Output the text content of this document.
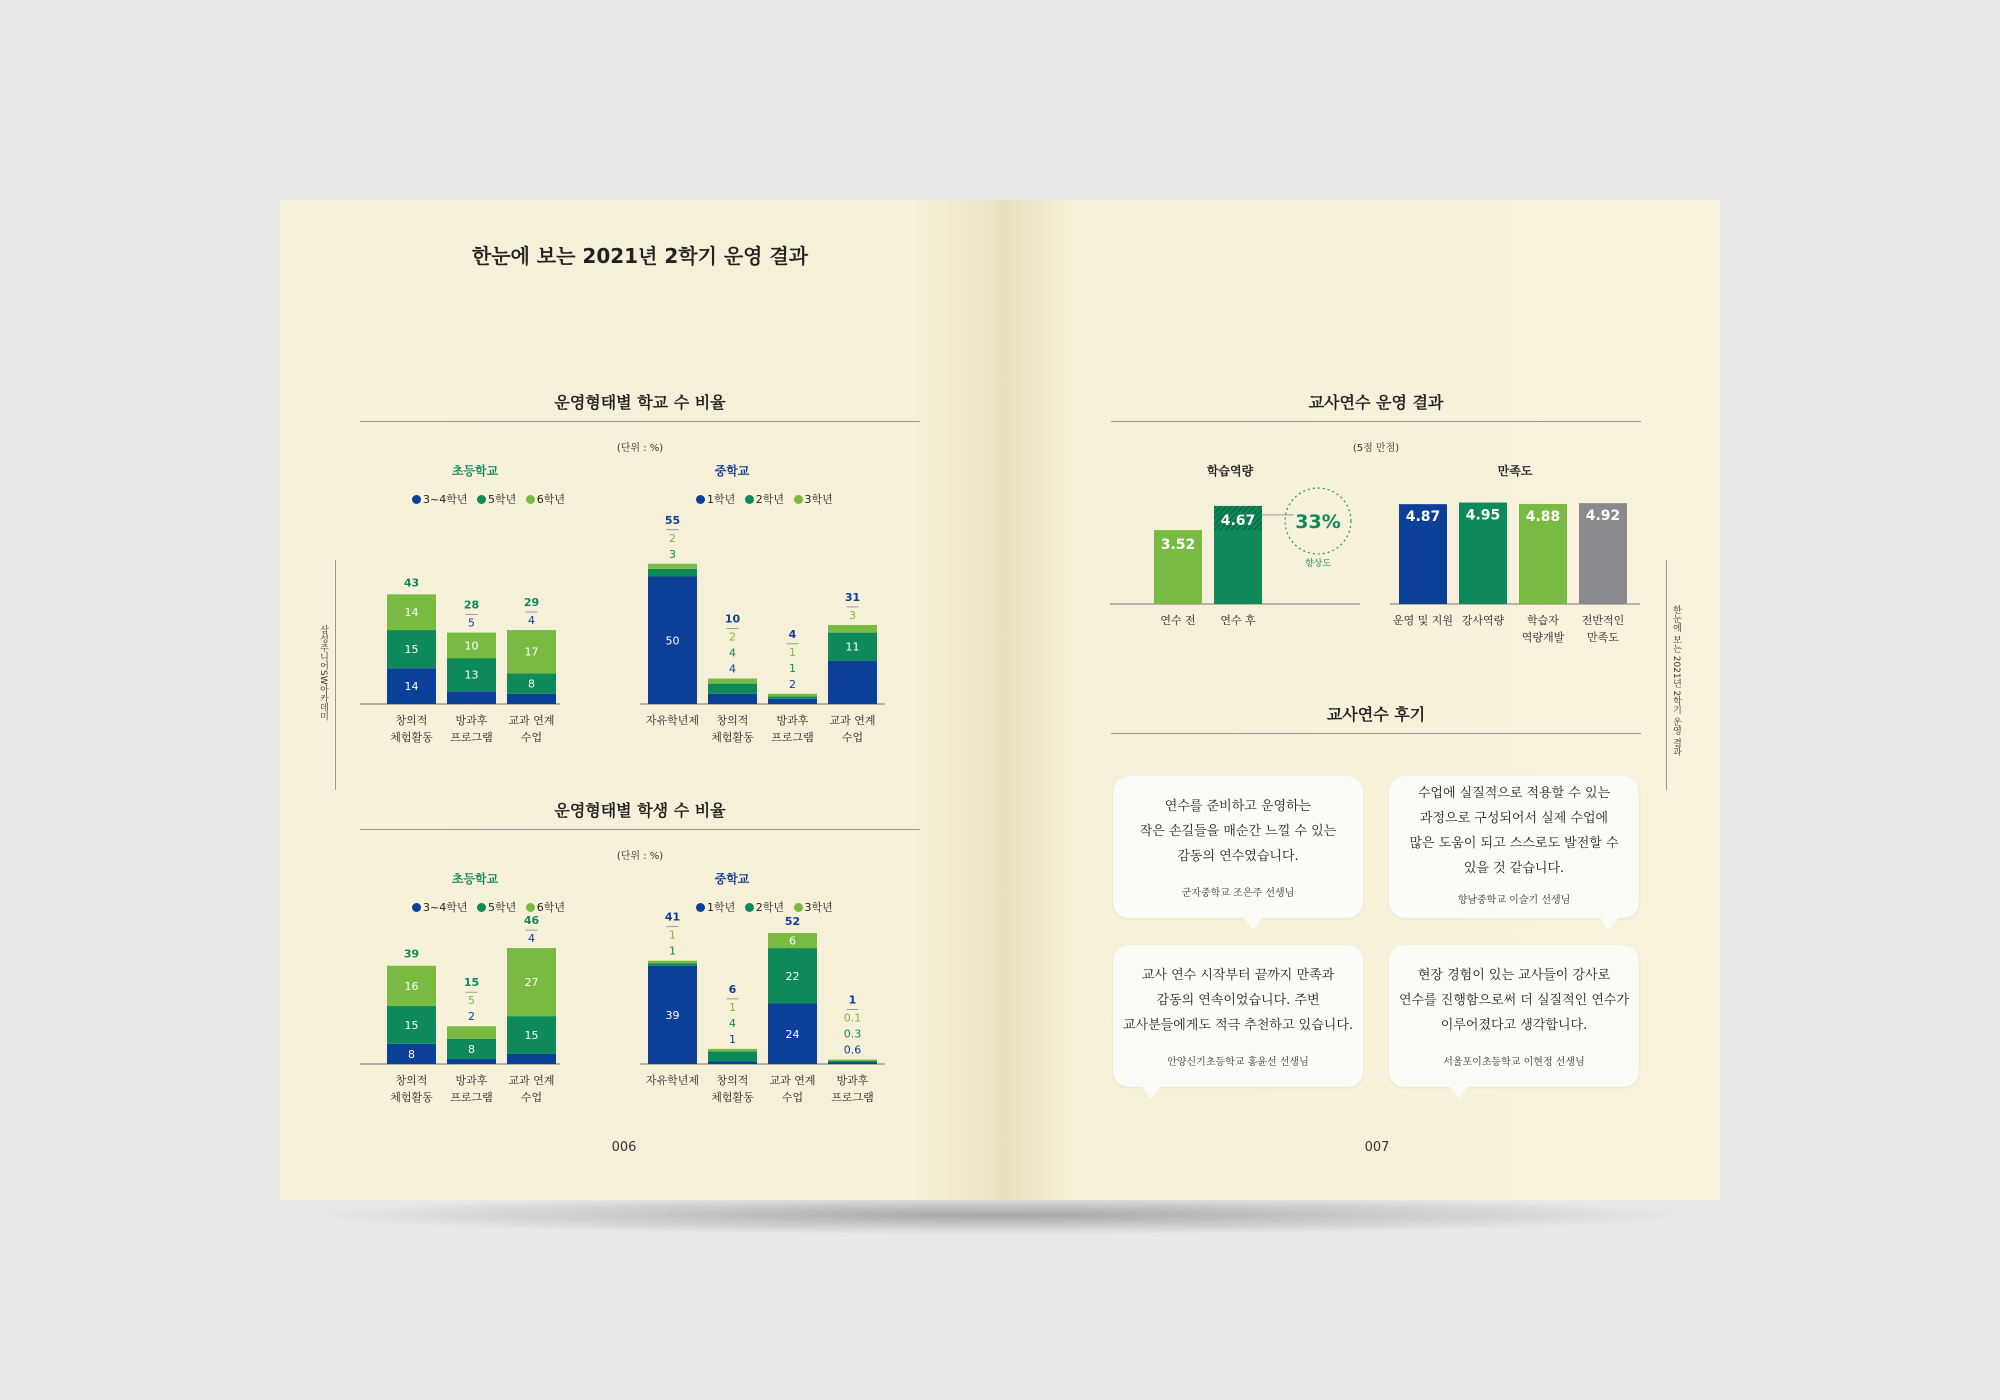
한눈에 보는 2021년 2학기 운영 결과
삼성주니어SW아카데미
운영형태별 학교 수 비율
(단위 : %)
초등학교	중학교
3~4학년 5학년 6학년	1학년 2학년 3학년
14
15
14
43
창의적
체험활동
5
13
10
28
방과후
프로그램
4
8
17
29
교과 연계
수업
50
3
2
55
자유학년제
4
4
2
10
창의적
체험활동
2
1
1
4
방과후
프로그램
11
3
31
교과 연계
수업
운영형태별 학생 수 비율
(단위 : %)
초등학교	중학교
3~4학년 5학년 6학년	1학년 2학년 3학년
8
15
16
39
창의적
체험활동
2
8
5
15
방과후
프로그램
4
15
27
46
교과 연계
수업
39
1
1
41
자유학년제
1
4
1
6
창의적
체험활동
24
22
6
52
교과 연계
수업
0.6
0.3
0.1
1
방과후
프로그램
006
한눈에 보는 2021년 2학기 운영 결과
교사연수 운영 결과
(5점 만점)
학습역량	만족도
3.52
연수 전
4.67
연수 후
33%
향상도
4.87
운영 및 지원
4.95
강사역량
4.88
학습자
역량개발
4.92
전반적인
만족도
교사연수 후기

연수를 준비하고 운영하는
작은 손길들을 매순간 느낄 수 있는
감동의 연수였습니다.

군자중학교 조은주 선생님

수업에 실질적으로 적용할 수 있는
과정으로 구성되어서 실제 수업에
많은 도움이 되고 스스로도 발전할 수
있을 것 같습니다.

향남중학교 이슬기 선생님

교사 연수 시작부터 끝까지 만족과
감동의 연속이었습니다. 주변
교사분들에게도 적극 추천하고 있습니다.

안양신기초등학교 홍윤선 선생님

현장 경험이 있는 교사들이 강사로
연수를 진행함으로써 더 실질적인 연수가
이루어졌다고 생각합니다.

서울포이초등학교 이현정 선생님
007
